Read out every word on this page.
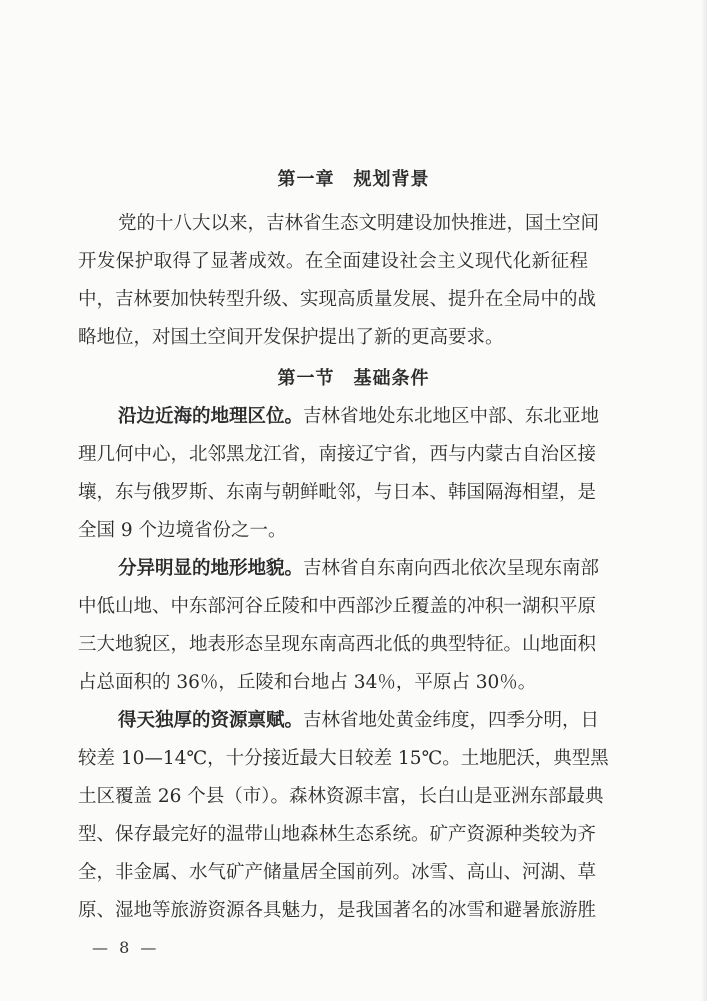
第一章　规划背景
党的十八大以来，吉林省生态文明建设加快推进，国土空间
开发保护取得了显著成效。在全面建设社会主义现代化新征程
中，吉林要加快转型升级、实现高质量发展、提升在全局中的战
略地位，对国土空间开发保护提出了新的更高要求。
第一节　基础条件
沿边近海的地理区位。吉林省地处东北地区中部、东北亚地
理几何中心，北邻黑龙江省，南接辽宁省，西与内蒙古自治区接
壤，东与俄罗斯、东南与朝鲜毗邻，与日本、韩国隔海相望，是
全国 9 个边境省份之一。
分异明显的地形地貌。吉林省自东南向西北依次呈现东南部
中低山地、中东部河谷丘陵和中西部沙丘覆盖的冲积一湖积平原
三大地貌区，地表形态呈现东南高西北低的典型特征。山地面积
占总面积的 36％，丘陵和台地占 34％，平原占 30％。
得天独厚的资源禀赋。吉林省地处黄金纬度，四季分明，日
较差 10—14℃，十分接近最大日较差 15℃。土地肥沃，典型黑
土区覆盖 26 个县（市）。森林资源丰富，长白山是亚洲东部最典
型、保存最完好的温带山地森林生态系统。矿产资源种类较为齐
全，非金属、水气矿产储量居全国前列。冰雪、高山、河湖、草
原、湿地等旅游资源各具魅力，是我国著名的冰雪和避暑旅游胜
— 8 —
